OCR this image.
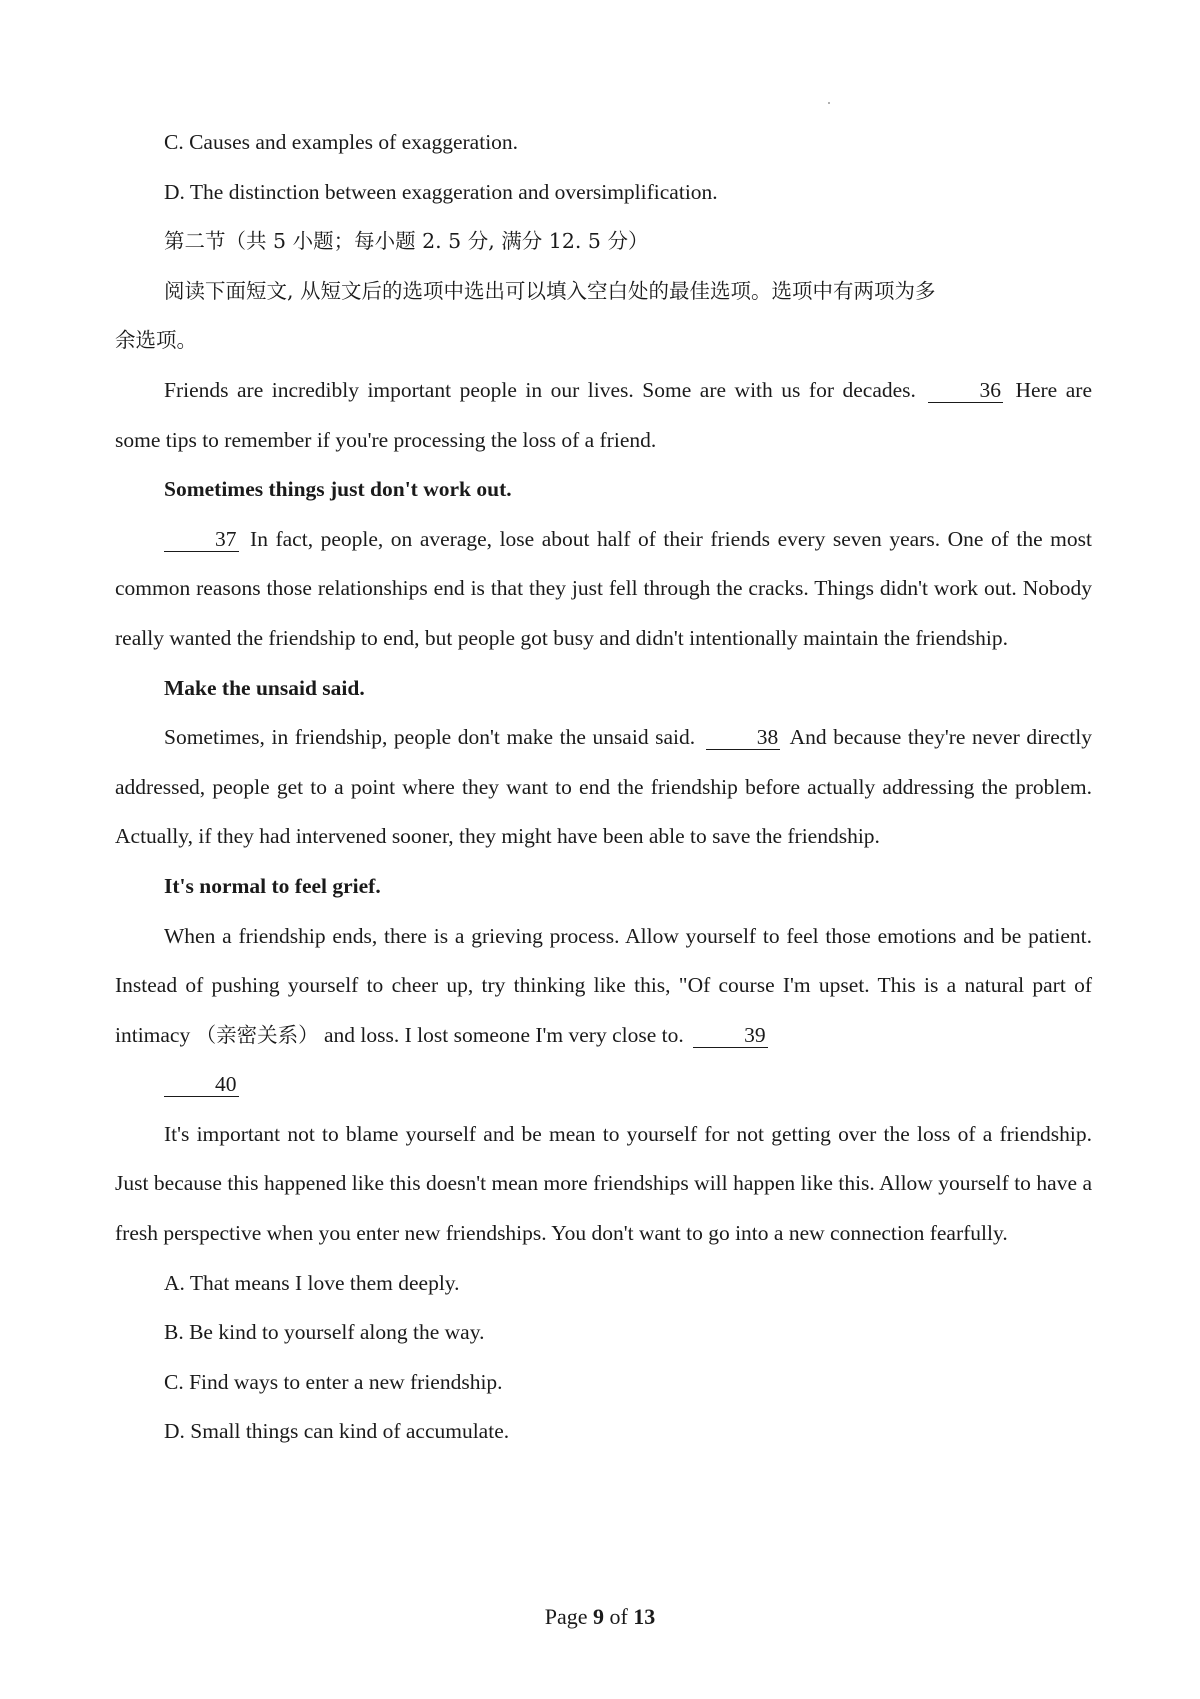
C. Causes and examples of exaggeration.

D. The distinction between exaggeration and oversimplification.

第二节（共 5 小题；每小题 2. 5 分, 满分 12. 5 分）

阅读下面短文, 从短文后的选项中选出可以填入空白处的最佳选项。选项中有两项为多
余选项。

Friends are incredibly important people in our lives. Some are with us for decades.	36 Here are some tips to remember if you're processing the loss of a friend.

Sometimes things just don't work out.

37 In fact, people, on average, lose about half of their friends every seven years. One of the most common reasons those relationships end is that they just fell through the cracks. Things didn't work out. Nobody really wanted the friendship to end, but people got busy and didn't intentionally maintain the friendship.

Make the unsaid said.

Sometimes, in friendship, people don't make the unsaid said.	38 And because they're never directly addressed, people get to a point where they want to end the friendship before actually addressing the problem. Actually, if they had intervened sooner, they might have been able to save the friendship.

It's normal to feel grief.

When a friendship ends, there is a grieving process. Allow yourself to feel those emotions and be patient. Instead of pushing yourself to cheer up, try thinking like this, "Of course I'm upset. This is a natural part of intimacy （亲密关系） and loss. I lost someone I'm very close to.	39

40

It's important not to blame yourself and be mean to yourself for not getting over the loss of a friendship. Just because this happened like this doesn't mean more friendships will happen like this. Allow yourself to have a fresh perspective when you enter new friendships. You don't want to go into a new connection fearfully.

A. That means I love them deeply.

B. Be kind to yourself along the way.

C. Find ways to enter a new friendship.

D. Small things can kind of accumulate.

Page 9 of 13
